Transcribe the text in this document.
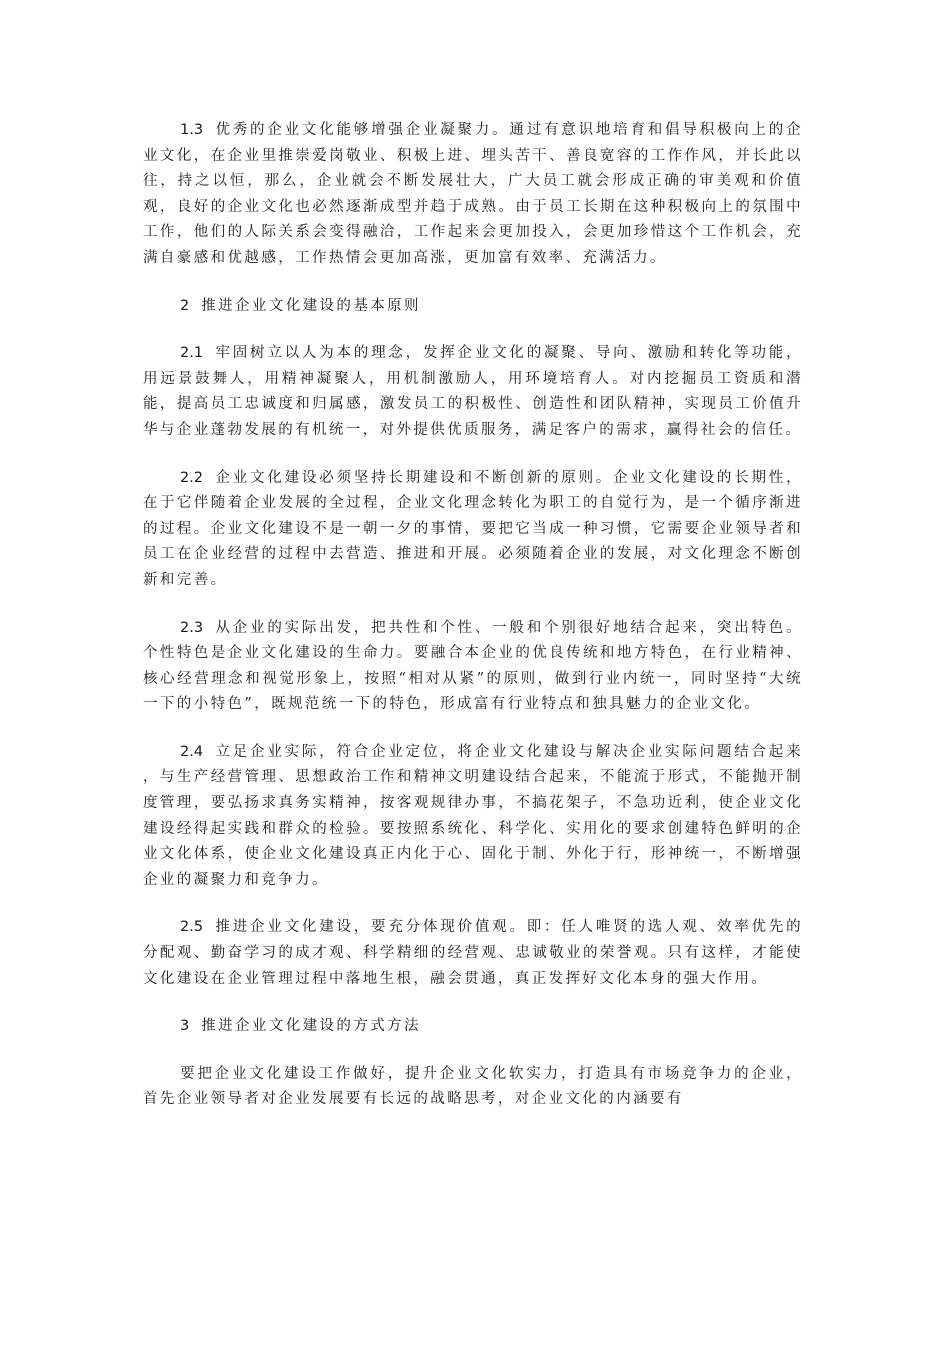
1.3 优秀的企业文化能够增强企业凝聚力。通过有意识地培育和倡导积极向上的企业文化，在企业里推崇爱岗敬业、积极上进、埋头苦干、善良宽容的工作作风，并长此以往，持之以恒，那么，企业就会不断发展壮大，广大员工就会形成正确的审美观和价值观，良好的企业文化也必然逐渐成型并趋于成熟。由于员工长期在这种积极向上的氛围中工作，他们的人际关系会变得融洽，工作起来会更加投入，会更加珍惜这个工作机会，充满自豪感和优越感，工作热情会更加高涨，更加富有效率、充满活力。

2 推进企业文化建设的基本原则

2.1 牢固树立以人为本的理念，发挥企业文化的凝聚、导向、激励和转化等功能，用远景鼓舞人，用精神凝聚人，用机制激励人，用环境培育人。对内挖掘员工资质和潜能，提高员工忠诚度和归属感，激发员工的积极性、创造性和团队精神，实现员工价值升华与企业蓬勃发展的有机统一，对外提供优质服务，满足客户的需求，赢得社会的信任。

2.2 企业文化建设必须坚持长期建设和不断创新的原则。企业文化建设的长期性，在于它伴随着企业发展的全过程，企业文化理念转化为职工的自觉行为，是一个循序渐进的过程。企业文化建设不是一朝一夕的事情，要把它当成一种习惯，它需要企业领导者和员工在企业经营的过程中去营造、推进和开展。必须随着企业的发展，对文化理念不断创新和完善。

2.3 从企业的实际出发，把共性和个性、一般和个别很好地结合起来，突出特色。个性特色是企业文化建设的生命力。要融合本企业的优良传统和地方特色，在行业精神、核心经营理念和视觉形象上，按照“相对从紧”的原则，做到行业内统一，同时坚持“大统一下的小特色”，既规范统一下的特色，形成富有行业特点和独具魅力的企业文化。

2.4 立足企业实际，符合企业定位，将企业文化建设与解决企业实际问题结合起来 ，与生产经营管理、思想政治工作和精神文明建设结合起来，不能流于形式，不能抛开制度管理，要弘扬求真务实精神，按客观规律办事，不搞花架子，不急功近利，使企业文化建设经得起实践和群众的检验。要按照系统化、科学化、实用化的要求创建特色鲜明的企业文化体系，使企业文化建设真正内化于心、固化于制、外化于行，形神统一，不断增强企业的凝聚力和竞争力。

2.5 推进企业文化建设，要充分体现价值观。即：任人唯贤的选人观、效率优先的分配观、勤奋学习的成才观、科学精细的经营观、忠诚敬业的荣誉观。只有这样，才能使文化建设在企业管理过程中落地生根，融会贯通，真正发挥好文化本身的强大作用。

3 推进企业文化建设的方式方法

要把企业文化建设工作做好，提升企业文化软实力，打造具有市场竞争力的企业，首先企业领导者对企业发展要有长远的战略思考，对企业文化的内涵要有
